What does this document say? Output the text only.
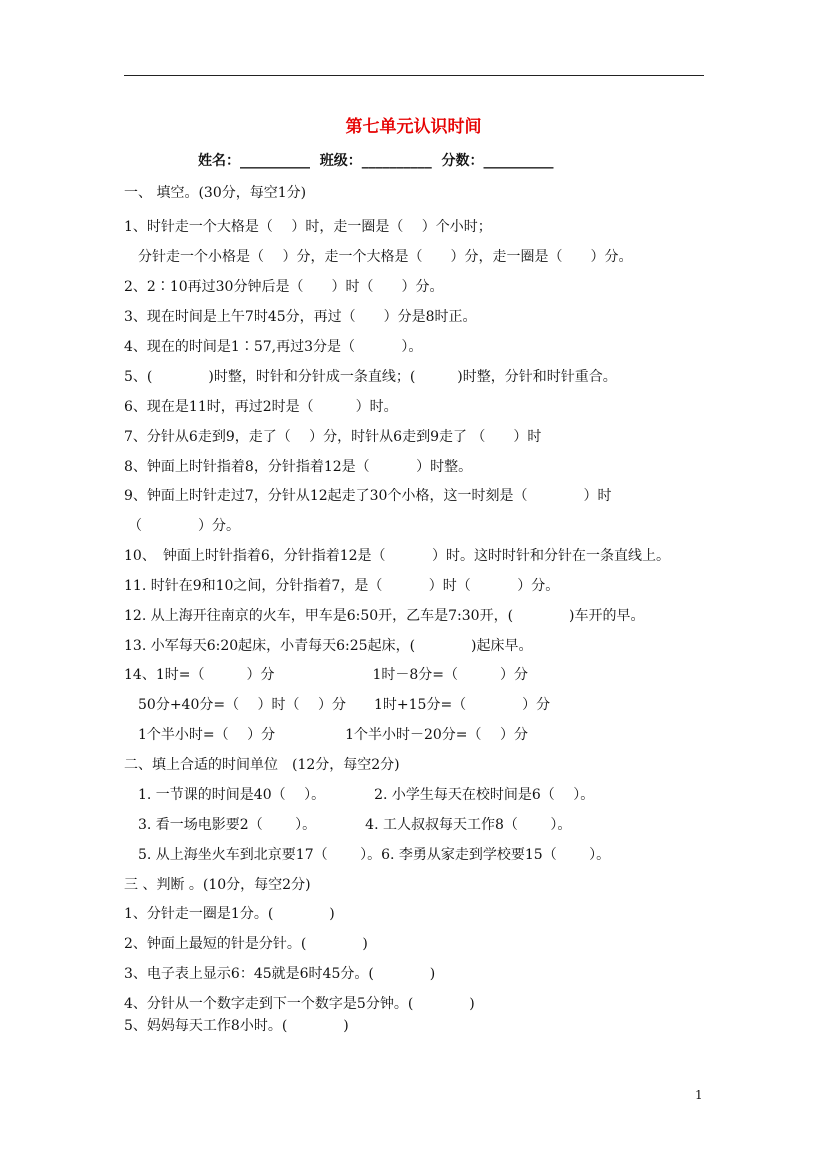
第七单元认识时间
姓名：__________  班级：__________  分数：__________
一、 填空。(30分，每空1分)
1、时针走一个大格是（　 ）时，走一圈是（　 ）个小时；
　分针走一个小格是（　 ）分，走一个大格是（　　）分，走一圈是（　　）分。
2、2∶10再过30分钟后是（　　）时（　　）分。
3、现在时间是上午7时45分，再过（　　）分是8时正。
4、现在的时间是1∶57,再过3分是（　　　 ）。
5、(　　　　)时整，时针和分针成一条直线；(　　　)时整，分针和时针重合。
6、现在是11时，再过2时是（　　　）时。
7、分针从6走到9，走了（　 ）分，时针从6走到9走了 （　　）时
8、钟面上时针指着8，分针指着12是（　　　 ）时整。
9、钟面上时针走过7，分针从12起走了30个小格，这一时刻是（　　　　）时
（　　　　）分。
10、　钟面上时针指着6，分针指着12是（　　　 ）时。这时时针和分针在一条直线上。
11. 时针在9和10之间，分针指着7，是（　　　 ）时（　　　 ）分。
12. 从上海开往南京的火车，甲车是6:50开，乙车是7:30开，(　　　　)车开的早。
13. 小军每天6:20起床，小青每天6:25起床，(　　　　)起床早。
14、1时=（　　　）分　　　　　　　1时－8分=（　　　）分
　50分+40分=（　 ）时（　 ）分　　1时+15分=（　　　　）分
　1个半小时=（　 ）分　　　　　1个半小时－20分=（　 ）分
二、填上合适的时间单位　(12分，每空2分)
　1. 一节课的时间是40（　 ）。　　　　2. 小学生每天在校时间是6（　 ）。
　3. 看一场电影要2（　　 ）。　　　　4. 工人叔叔每天工作8（　　 ）。
　5. 从上海坐火车到北京要17（　　 ）。6. 李勇从家走到学校要15（　　 ）。
三 、判断 。(10分，每空2分)
1、分针走一圈是1分。(　　　　)
2、钟面上最短的针是分针。(　　　　)
3、电子表上显示6：45就是6时45分。(　　　　)
4、分针从一个数字走到下一个数字是5分钟。(　　　　)
5、妈妈每天工作8小时。(　　　　)
1
